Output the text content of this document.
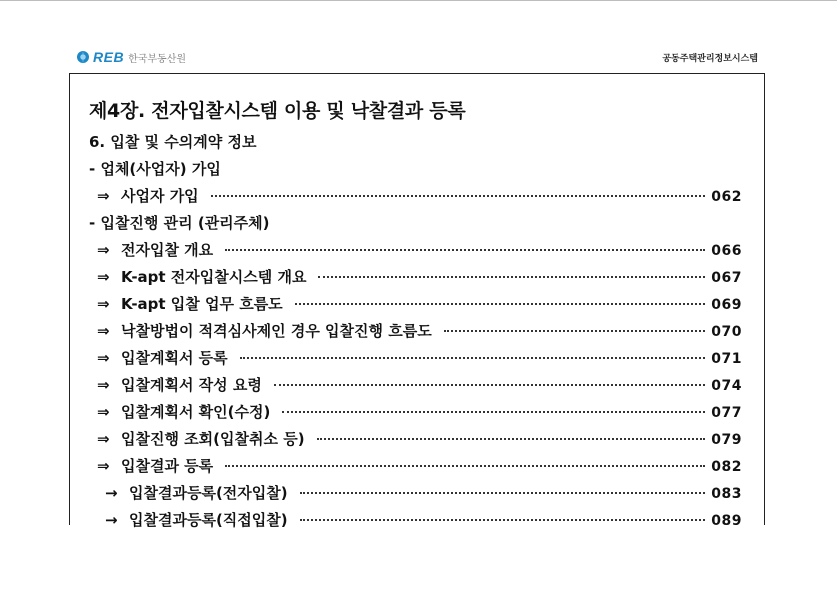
REB 한국부동산원	공동주택관리정보시스템
제4장. 전자입찰시스템 이용 및 낙찰결과 등록
6. 입찰 및 수의계약 정보
- 업체(사업자) 가입
⇒ 사업자 가입	062
- 입찰진행 관리 (관리주체)
⇒ 전자입찰 개요	066
⇒ K-apt 전자입찰시스템 개요	067
⇒ K-apt 입찰 업무 흐름도	069
⇒ 낙찰방법이 적격심사제인 경우 입찰진행 흐름도	070
⇒ 입찰계획서 등록	071
⇒ 입찰계획서 작성 요령	074
⇒ 입찰계획서 확인(수정)	077
⇒ 입찰진행 조회(입찰취소 등)	079
⇒ 입찰결과 등록	082
→ 입찰결과등록(전자입찰)	083
→ 입찰결과등록(직접입찰)	089
